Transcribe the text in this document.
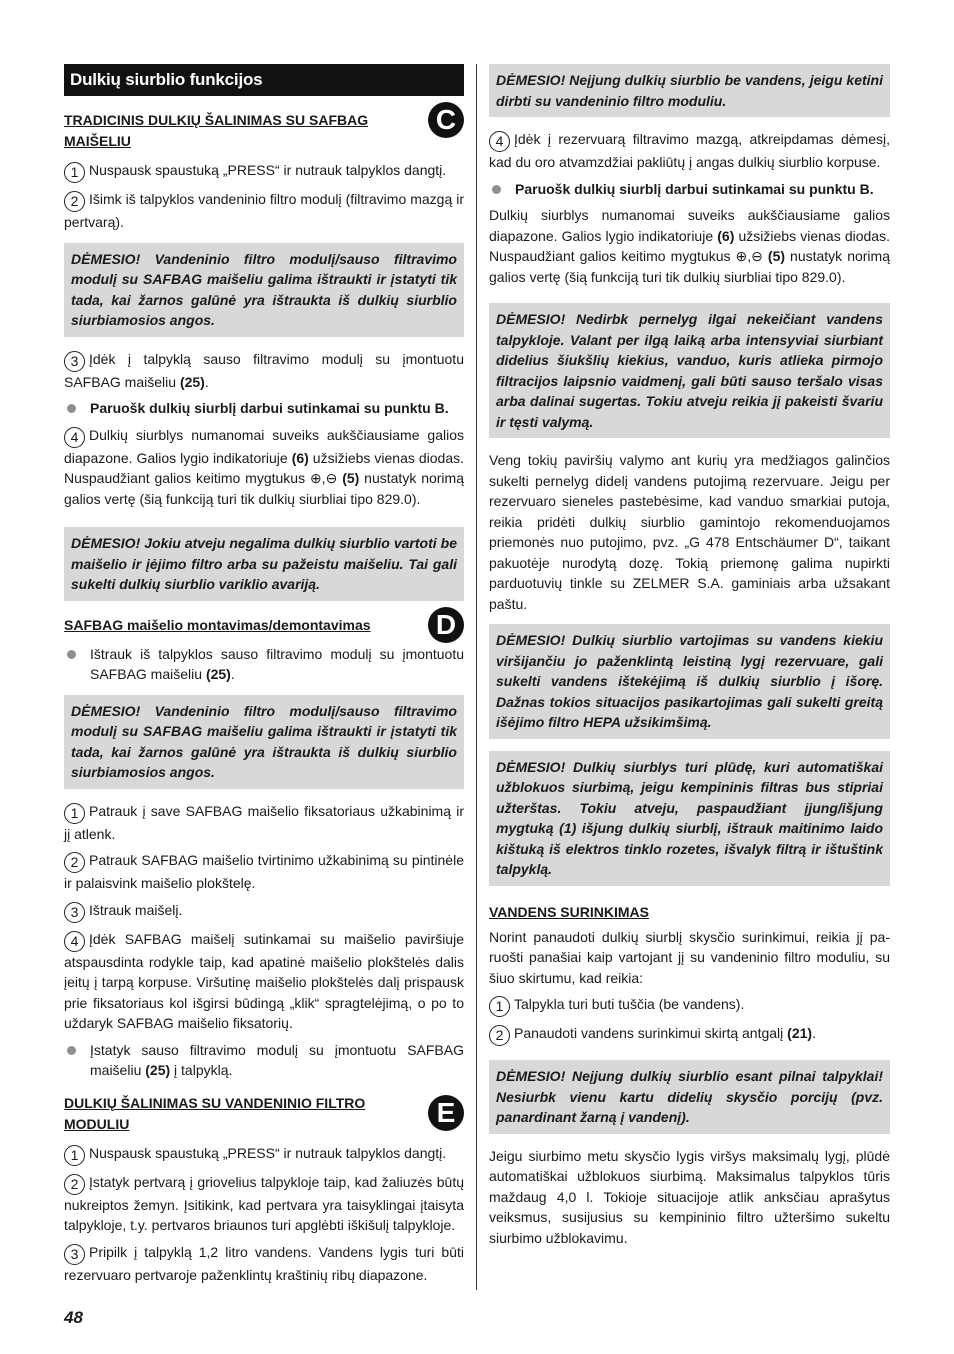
Dulkių siurblio funkcijos
TRADICINIS DULKIŲ ŠALINIMAS SU SAFBAG MAIŠELIU
C

1 Nuspausk spaustuką „PRESS“ ir nutrauk talpyklos dangtį.

2 Išimk iš talpyklos vandeninio filtro modulį (filtravimo mazgą ir pertvarą).

DĖMESIO! Vandeninio filtro modulį/sauso filtravimo modulį su SAFBAG maišeliu galima ištraukti ir įstatyti tik tada, kai žarnos galūnė yra ištraukta iš dulkių siurblio siurbiamosios angos.

3 Įdėk į talpyklą sauso filtravimo modulį su įmontuotu SAFBAG maišeliu (25).

Paruošk dulkių siurblį darbui sutinkamai su punktu B.

4 Dulkių siurblys numanomai suveiks aukščiausiame galios diapazone. Galios lygio indikatoriuje (6) užsižiebs vienas diodas. Nuspaudžiant galios keitimo mygtukus ⊕,⊖ (5) nustatyk norimą galios vertę (šią funkciją turi tik dulkių siurbliai tipo 829.0).

DĖMESIO! Jokiu atveju negalima dulkių siurblio vartoti be maišelio ir įėjimo filtro arba su pažeistu maišeliu. Tai gali sukelti dulkių siurblio variklio avariją.
SAFBAG maišelio montavimas/demontavimas D

Ištrauk iš talpyklos sauso filtravimo modulį su įmontuotu SAFBAG maišeliu (25).

DĖMESIO! Vandeninio filtro modulį/sauso filtravimo modulį su SAFBAG maišeliu galima ištraukti ir įstatyti tik tada, kai žarnos galūnė yra ištraukta iš dulkių siurblio siurbiamosios angos.

1 Patrauk į save SAFBAG maišelio fiksatoriaus užkabinimą ir jį atlenk.

2 Patrauk SAFBAG maišelio tvirtinimo užkabinimą su pintinėle ir palaisvink maišelio plokštelę.

3 Ištrauk maišelį.

4 Įdėk SAFBAG maišelį sutinkamai su maišelio paviršiuje atspausdinta rodykle taip, kad apatinė maišelio plokštelės dalis įeitų į tarpą korpuse. Viršutinę maišelio plokštelės dalį prispausk prie fiksatoriaus kol išgirsi būdingą „klik“ spragtelėjimą, o po to uždaryk SAFBAG maišelio fiksatorių.

Įstatyk sauso filtravimo modulį su įmontuotu SAFBAG maišeliu (25) į talpyklą.

DULKIŲ ŠALINIMAS SU VANDENINIO FILTRO MODULIU	E

1 Nuspausk spaustuką „PRESS“ ir nutrauk talpyklos dangtį.

2 Įstatyk pertvarą į griovelius talpykloje taip, kad žaliuzės būtų nukreiptos žemyn. Įsitikink, kad pertvara yra taisyklingai įtaisyta talpykloje, t.y. pertvaros briaunos turi apglėbti iškišulį talpykloje.

3 Pripilk į talpyklą 1,2 litro vandens. Vandens lygis turi būti rezervuaro pertvaroje paženklintų kraštinių ribų diapazone.

DĖMESIO! Neįjung dulkių siurblio be vandens, jeigu ketini dirbti su vandeninio filtro moduliu.

4 Įdėk į rezervuarą filtravimo mazgą, atkreipdamas dėmesį, kad du oro atvamzdžiai pakliūtų į angas dulkių siurblio korpuse.

Paruošk dulkių siurblį darbui sutinkamai su punktu B.

Dulkių siurblys numanomai suveiks aukščiausiame galios diapazone. Galios lygio indikatoriuje (6) užsižiebs vienas diodas. Nuspaudžiant galios keitimo mygtukus ⊕,⊖ (5) nustatyk norimą galios vertę (šią funkciją turi tik dulkių siurbliai tipo 829.0).

DĖMESIO! Nedirbk pernelyg ilgai nekeičiant vandens talpykloje. Valant per ilgą laiką arba intensyviai siurbiant didelius šiukšlių kiekius, vanduo, kuris atlieka pirmojo filtracijos laipsnio vaidmenį, gali būti sauso teršalo visas arba dalinai sugertas. Tokiu atveju reikia jį pakeisti švariu ir tęsti valymą.

Veng tokių paviršių valymo ant kurių yra medžiagos galinčios sukelti pernelyg didelį vandens putojimą rezervuare. Jeigu per rezervuaro sieneles pastebėsime, kad vanduo smarkiai putoja, reikia pridėti dulkių siurblio gamintojo rekomenduojamos priemonės nuo putojimo, pvz. „G 478 Entschäumer D“, taikant pakuotėje nurodytą dozę. Tokią priemonę galima nupirkti parduotuvių tinkle su ZELMER S.A. gaminiais arba užsakant paštu.

DĖMESIO! Dulkių siurblio vartojimas su vandens kiekiu viršijančiu jo paženklintą leistiną lygį rezervuare, gali sukelti vandens ištekėjimą iš dulkių siurblio į išorę. Dažnas tokios situacijos pasikartojimas gali sukelti greitą išėjimo filtro HEPA užsikimšimą.
DĖMESIO! Dulkių siurblys turi plūdę, kuri automatiškai užblokuos siurbimą, jeigu kempininis filtras bus stipriai užterštas. Tokiu atveju, paspaudžiant įjung/išjung mygtuką (1) išjung dulkių siurblį, ištrauk maitinimo laido kištuką iš elektros tinklo rozetes, išvalyk filtrą ir ištuštink talpyklą.
VANDENS SURINKIMAS

Norint panaudoti dulkių siurblį skysčio surinkimui, reikia jį paruošti panašiai kaip vartojant jį su vandeninio filtro moduliu, su šiuo skirtumu, kad reikia:

1 Talpykla turi buti tuščia (be vandens).

2 Panaudoti vandens surinkimui skirtą antgalį (21).

DĖMESIO! Neįjung dulkių siurblio esant pilnai talpyklai! Nesiurbk vienu kartu didelių skysčio porcijų (pvz. panardinant žarną į vandenį).

Jeigu siurbimo metu skysčio lygis viršys maksimalų lygį, plūdė automatiškai užblokuos siurbimą. Maksimalus talpyklos tūris maždaug 4,0 l. Tokioje situacijoje atlik anksčiau aprašytus veiksmus, susijusius su kempininio filtro užteršimo sukeltu siurbimo užblokavimu.

48
